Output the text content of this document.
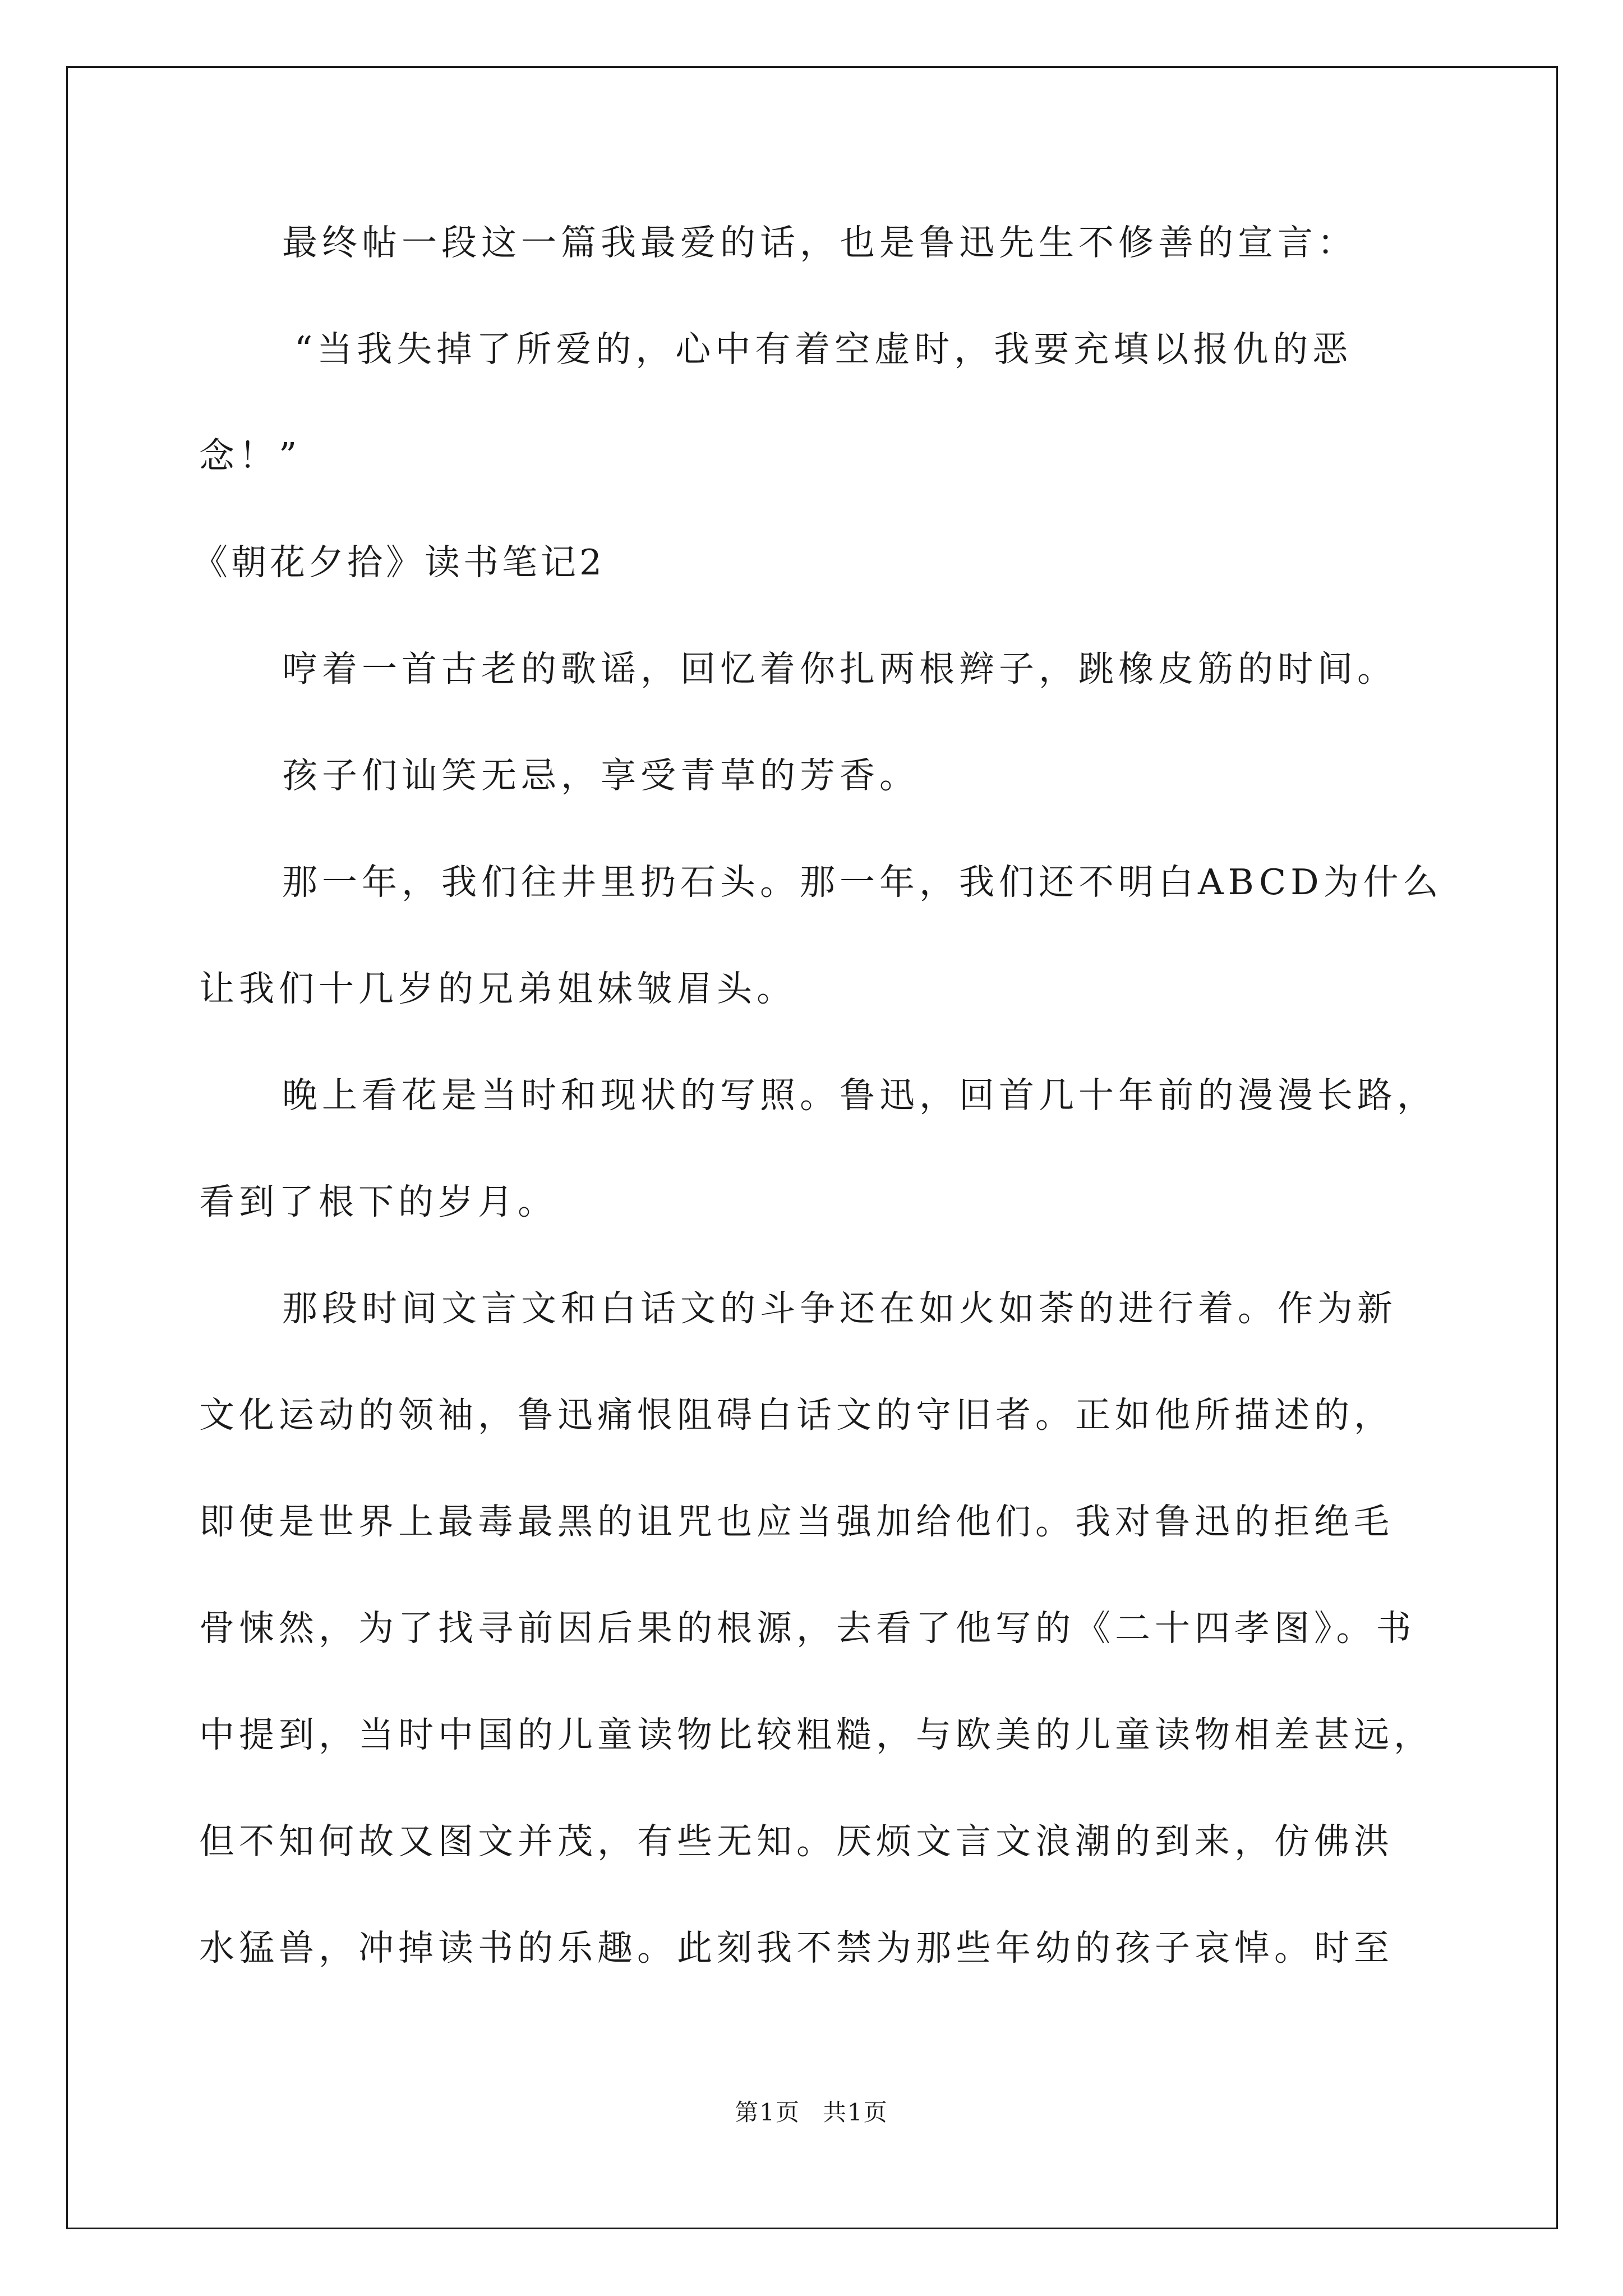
最终帖一段这一篇我最爱的话，也是鲁迅先生不修善的宣言：
“当我失掉了所爱的，心中有着空虚时，我要充填以报仇的恶
念！”
《朝花夕拾》读书笔记2
哼着一首古老的歌谣，回忆着你扎两根辫子，跳橡皮筋的时间。
孩子们讪笑无忌，享受青草的芳香。
那一年，我们往井里扔石头。那一年，我们还不明白ABCD为什么
让我们十几岁的兄弟姐妹皱眉头。
晚上看花是当时和现状的写照。鲁迅，回首几十年前的漫漫长路，
看到了根下的岁月。
那段时间文言文和白话文的斗争还在如火如荼的进行着。作为新
文化运动的领袖，鲁迅痛恨阻碍白话文的守旧者。正如他所描述的，
即使是世界上最毒最黑的诅咒也应当强加给他们。我对鲁迅的拒绝毛
骨悚然，为了找寻前因后果的根源，去看了他写的《二十四孝图》。书
中提到，当时中国的儿童读物比较粗糙，与欧美的儿童读物相差甚远，
但不知何故又图文并茂，有些无知。厌烦文言文浪潮的到来，仿佛洪
水猛兽，冲掉读书的乐趣。此刻我不禁为那些年幼的孩子哀悼。时至
第1页 共1页
